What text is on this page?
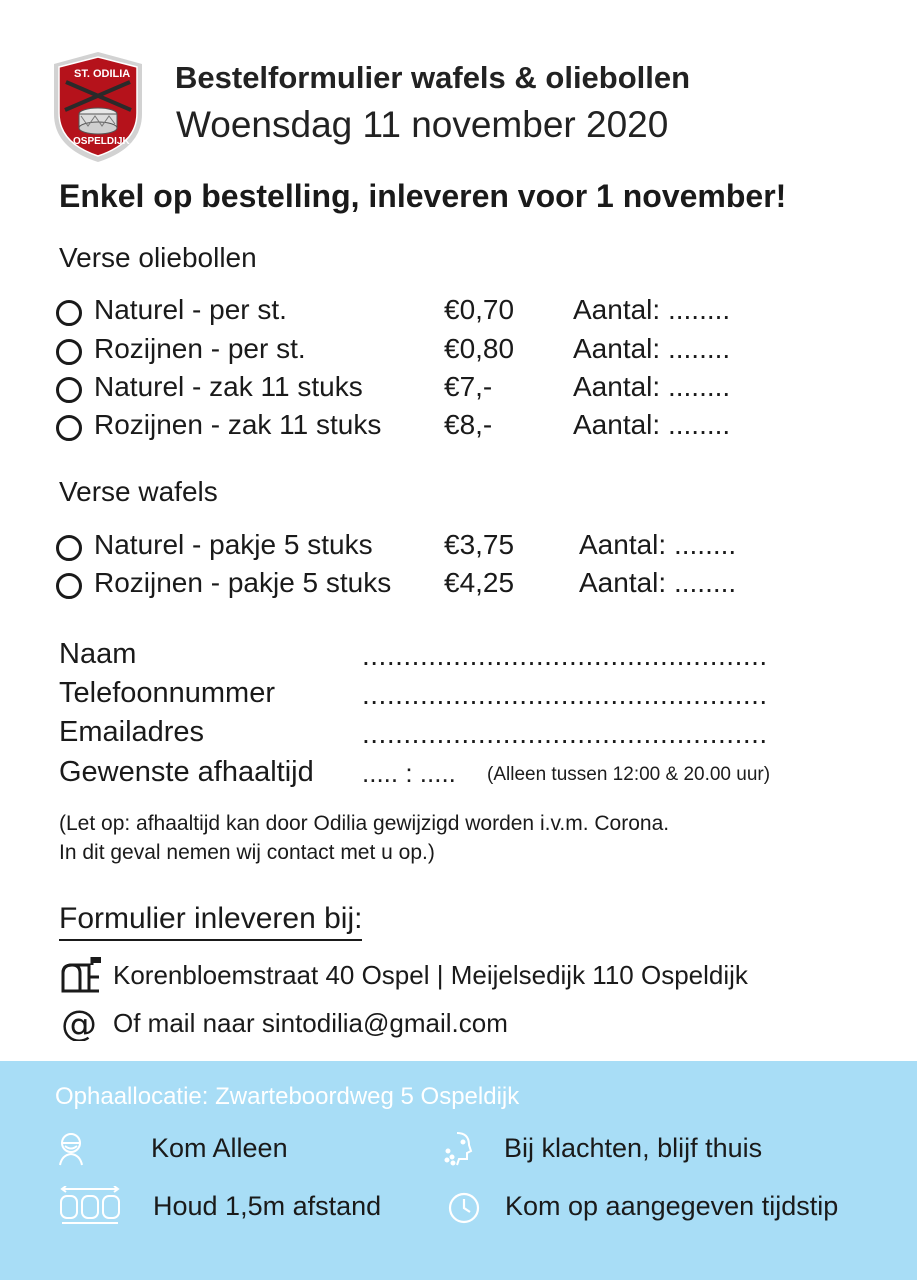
ST. ODILIA
OSPELDIJK
Bestelformulier wafels & oliebollen
Woensdag 11 november 2020
Enkel op bestelling, inleveren voor 1 november!
Verse oliebollen
Naturel - per st.	€0,70 Aantal: ........
Rozijnen - per st.	€0,80 Aantal: ........
Naturel - zak 11 stuks	€7,-	Aantal: ........
Rozijnen - zak 11 stuks €8,-	Aantal: ........
Verse wafels
Naturel - pakje 5 stuks	€3,75 Aantal: ........
Rozijnen - pakje 5 stuks €4,25 Aantal: ........
Naam	.................................................
Telefoonnummer	.................................................
Emailadres	.................................................
Gewenste afhaaltijd ..... : ..... (Alleen tussen 12:00 & 20.00 uur)
(Let op: afhaaltijd kan door Odilia gewijzigd worden i.v.m. Corona.
In dit geval nemen wij contact met u op.)
Formulier inleveren bij:
Korenbloemstraat 40 Ospel | Meijelsedijk 110 Ospeldijk
@ Of mail naar sintodilia@gmail.com
Ophaallocatie: Zwarteboordweg 5 Ospeldijk
Kom Alleen	Bij klachten, blijf thuis
Houd 1,5m afstand	Kom op aangegeven tijdstip
